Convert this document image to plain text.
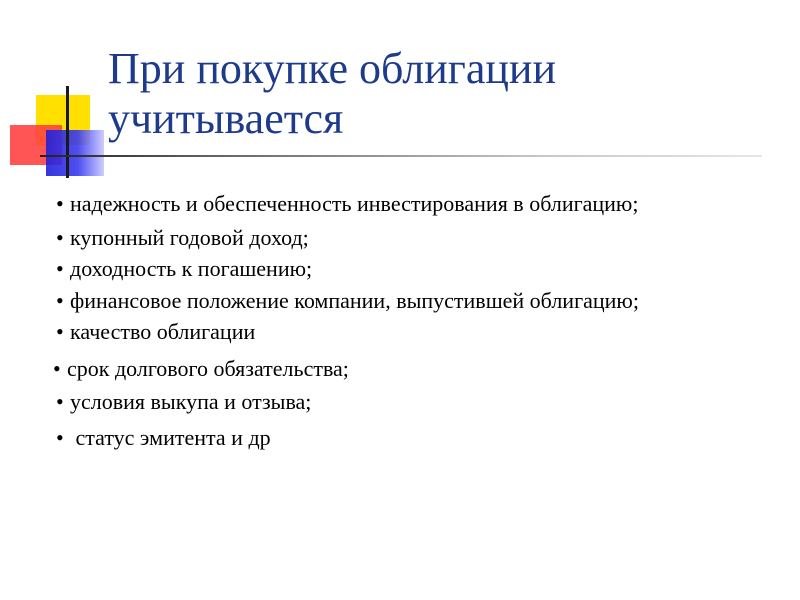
При покупке облигации
учитывается
• надежность и обеспеченность инвестирования в облигацию;
• купонный годовой доход;
• доходность к погашению;
• финансовое положение компании, выпустившей облигацию;
• качество облигации
• срок долгового обязательства;
• условия выкупа и отзыва;
• статус эмитента и др
